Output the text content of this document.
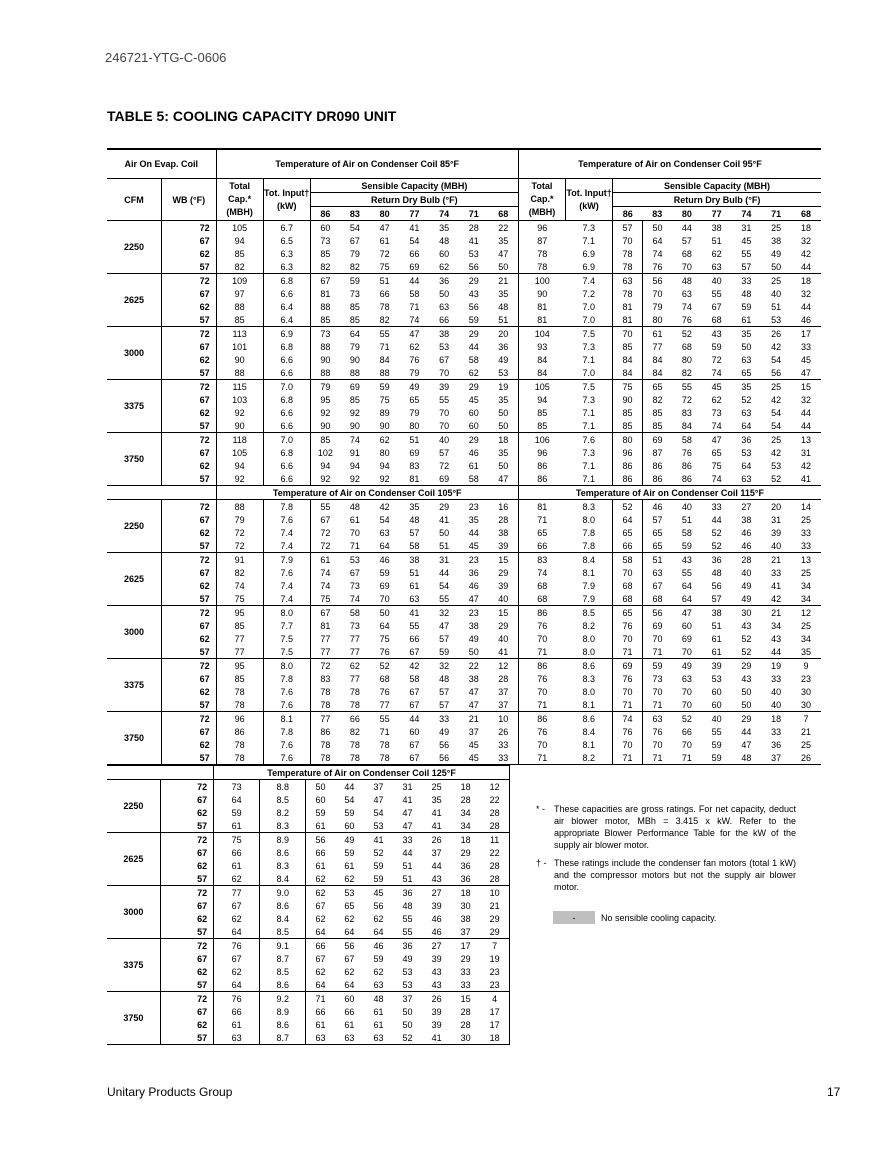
246721-YTG-C-0606
TABLE 5: COOLING CAPACITY DR090 UNIT
Air On Evap. Coil		Temperature of Air on Condenser Coil 85°F									Temperature of Air on Condenser Coil 95°F								

CFM	WB (°F)	Total Cap.* (MBH)	Tot. Input† (kW)	Sensible Capacity (MBH)							Total Cap.* (MBH)	Tot. Input† (kW)	Sensible Capacity (MBH)						
				Return Dry Bulb (°F)									Return Dry Bulb (°F)						
				86	83	80	77	74	71	68			86	83	80	77	74	71	68
2250	72	105	6.7	60	54	47	41	35	28	22	96	7.3	57	50	44	38	31	25	18
	67	94	6.5	73	67	61	54	48	41	35	87	7.1	70	64	57	51	45	38	32
	62	85	6.3	85	79	72	66	60	53	47	78	6.9	78	74	68	62	55	49	42
	57	82	6.3	82	82	75	69	62	56	50	78	6.9	78	76	70	63	57	50	44
2625	72	109	6.8	67	59	51	44	36	29	21	100	7.4	63	56	48	40	33	25	18
	67	97	6.6	81	73	66	58	50	43	35	90	7.2	78	70	63	55	48	40	32
	62	88	6.4	88	85	78	71	63	56	48	81	7.0	81	79	74	67	59	51	44
	57	85	6.4	85	85	82	74	66	59	51	81	7.0	81	80	76	68	61	53	46
3000	72	113	6.9	73	64	55	47	38	29	20	104	7.5	70	61	52	43	35	26	17
	67	101	6.8	88	79	71	62	53	44	36	93	7.3	85	77	68	59	50	42	33
	62	90	6.6	90	90	84	76	67	58	49	84	7.1	84	84	80	72	63	54	45
	57	88	6.6	88	88	88	79	70	62	53	84	7.0	84	84	82	74	65	56	47
3375	72	115	7.0	79	69	59	49	39	29	19	105	7.5	75	65	55	45	35	25	15
	67	103	6.8	95	85	75	65	55	45	35	94	7.3	90	82	72	62	52	42	32
	62	92	6.6	92	92	89	79	70	60	50	85	7.1	85	85	83	73	63	54	44
	57	90	6.6	90	90	90	80	70	60	50	85	7.1	85	85	84	74	64	54	44
3750	72	118	7.0	85	74	62	51	40	29	18	106	7.6	80	69	58	47	36	25	13
	67	105	6.8	102	91	80	69	57	46	35	96	7.3	96	87	76	65	53	42	31
	62	94	6.6	94	94	94	83	72	61	50	86	7.1	86	86	86	75	64	53	42
	57	92	6.6	92	92	92	81	69	58	47	86	7.1	86	86	86	74	63	52	41
		Temperature of Air on Condenser Coil 105°F									Temperature of Air on Condenser Coil 115°F								
2250	72	88	7.8	55	48	42	35	29	23	16	81	8.3	52	46	40	33	27	20	14
	67	79	7.6	67	61	54	48	41	35	28	71	8.0	64	57	51	44	38	31	25
	62	72	7.4	72	70	63	57	50	44	38	65	7.8	65	65	58	52	46	39	33
	57	72	7.4	72	71	64	58	51	45	39	66	7.8	66	65	59	52	46	40	33
2625	72	91	7.9	61	53	46	38	31	23	15	83	8.4	58	51	43	36	28	21	13
	67	82	7.6	74	67	59	51	44	36	29	74	8.1	70	63	55	48	40	33	25
	62	74	7.4	74	73	69	61	54	46	39	68	7.9	68	67	64	56	49	41	34
	57	75	7.4	75	74	70	63	55	47	40	68	7.9	68	68	64	57	49	42	34
3000	72	95	8.0	67	58	50	41	32	23	15	86	8.5	65	56	47	38	30	21	12
	67	85	7.7	81	73	64	55	47	38	29	76	8.2	76	69	60	51	43	34	25
	62	77	7.5	77	77	75	66	57	49	40	70	8.0	70	70	69	61	52	43	34
	57	77	7.5	77	77	76	67	59	50	41	71	8.0	71	71	70	61	52	44	35
3375	72	95	8.0	72	62	52	42	32	22	12	86	8.6	69	59	49	39	29	19	9
	67	85	7.8	83	77	68	58	48	38	28	76	8.3	76	73	63	53	43	33	23
	62	78	7.6	78	78	76	67	57	47	37	70	8.0	70	70	70	60	50	40	30
	57	78	7.6	78	78	77	67	57	47	37	71	8.1	71	71	70	60	50	40	30
3750	72	96	8.1	77	66	55	44	33	21	10	86	8.6	74	63	52	40	29	18	7
	67	86	7.8	86	82	71	60	49	37	26	76	8.4	76	76	66	55	44	33	21
	62	78	7.6	78	78	78	67	56	45	33	70	8.1	70	70	70	59	47	36	25
	57	78	7.6	78	78	78	67	56	45	33	71	8.2	71	71	71	59	48	37	26
		Temperature of Air on Condenser Coil 125°F								
2250	72	73	8.8	50	44	37	31	25	18	12
	67	64	8.5	60	54	47	41	35	28	22
	62	59	8.2	59	59	54	47	41	34	28
	57	61	8.3	61	60	53	47	41	34	28
2625	72	75	8.9	56	49	41	33	26	18	11
	67	66	8.6	66	59	52	44	37	29	22
	62	61	8.3	61	61	59	51	44	36	28
	57	62	8.4	62	62	59	51	43	36	28
3000	72	77	9.0	62	53	45	36	27	18	10
	67	67	8.6	67	65	56	48	39	30	21
	62	62	8.4	62	62	62	55	46	38	29
	57	64	8.5	64	64	64	55	46	37	29
3375	72	76	9.1	66	56	46	36	27	17	7
	67	67	8.7	67	67	59	49	39	29	19
	62	62	8.5	62	62	62	53	43	33	23
	57	64	8.6	64	64	63	53	43	33	23
3750	72	76	9.2	71	60	48	37	26	15	4
	67	66	8.9	66	66	61	50	39	28	17
	62	61	8.6	61	61	61	50	39	28	17
	57	63	8.7	63	63	63	52	41	30	18
* -	These capacities are gross ratings. For net capacity, deduct air blower motor, MBh = 3.415 x kW. Refer to the appropriate Blower Performance Table for the kW of the supply air blower motor.
† - These ratings include the condenser fan motors (total 1 kW) and the compressor motors but not the supply air blower motor.
-	No sensible cooling capacity.
Unitary Products Group	17
